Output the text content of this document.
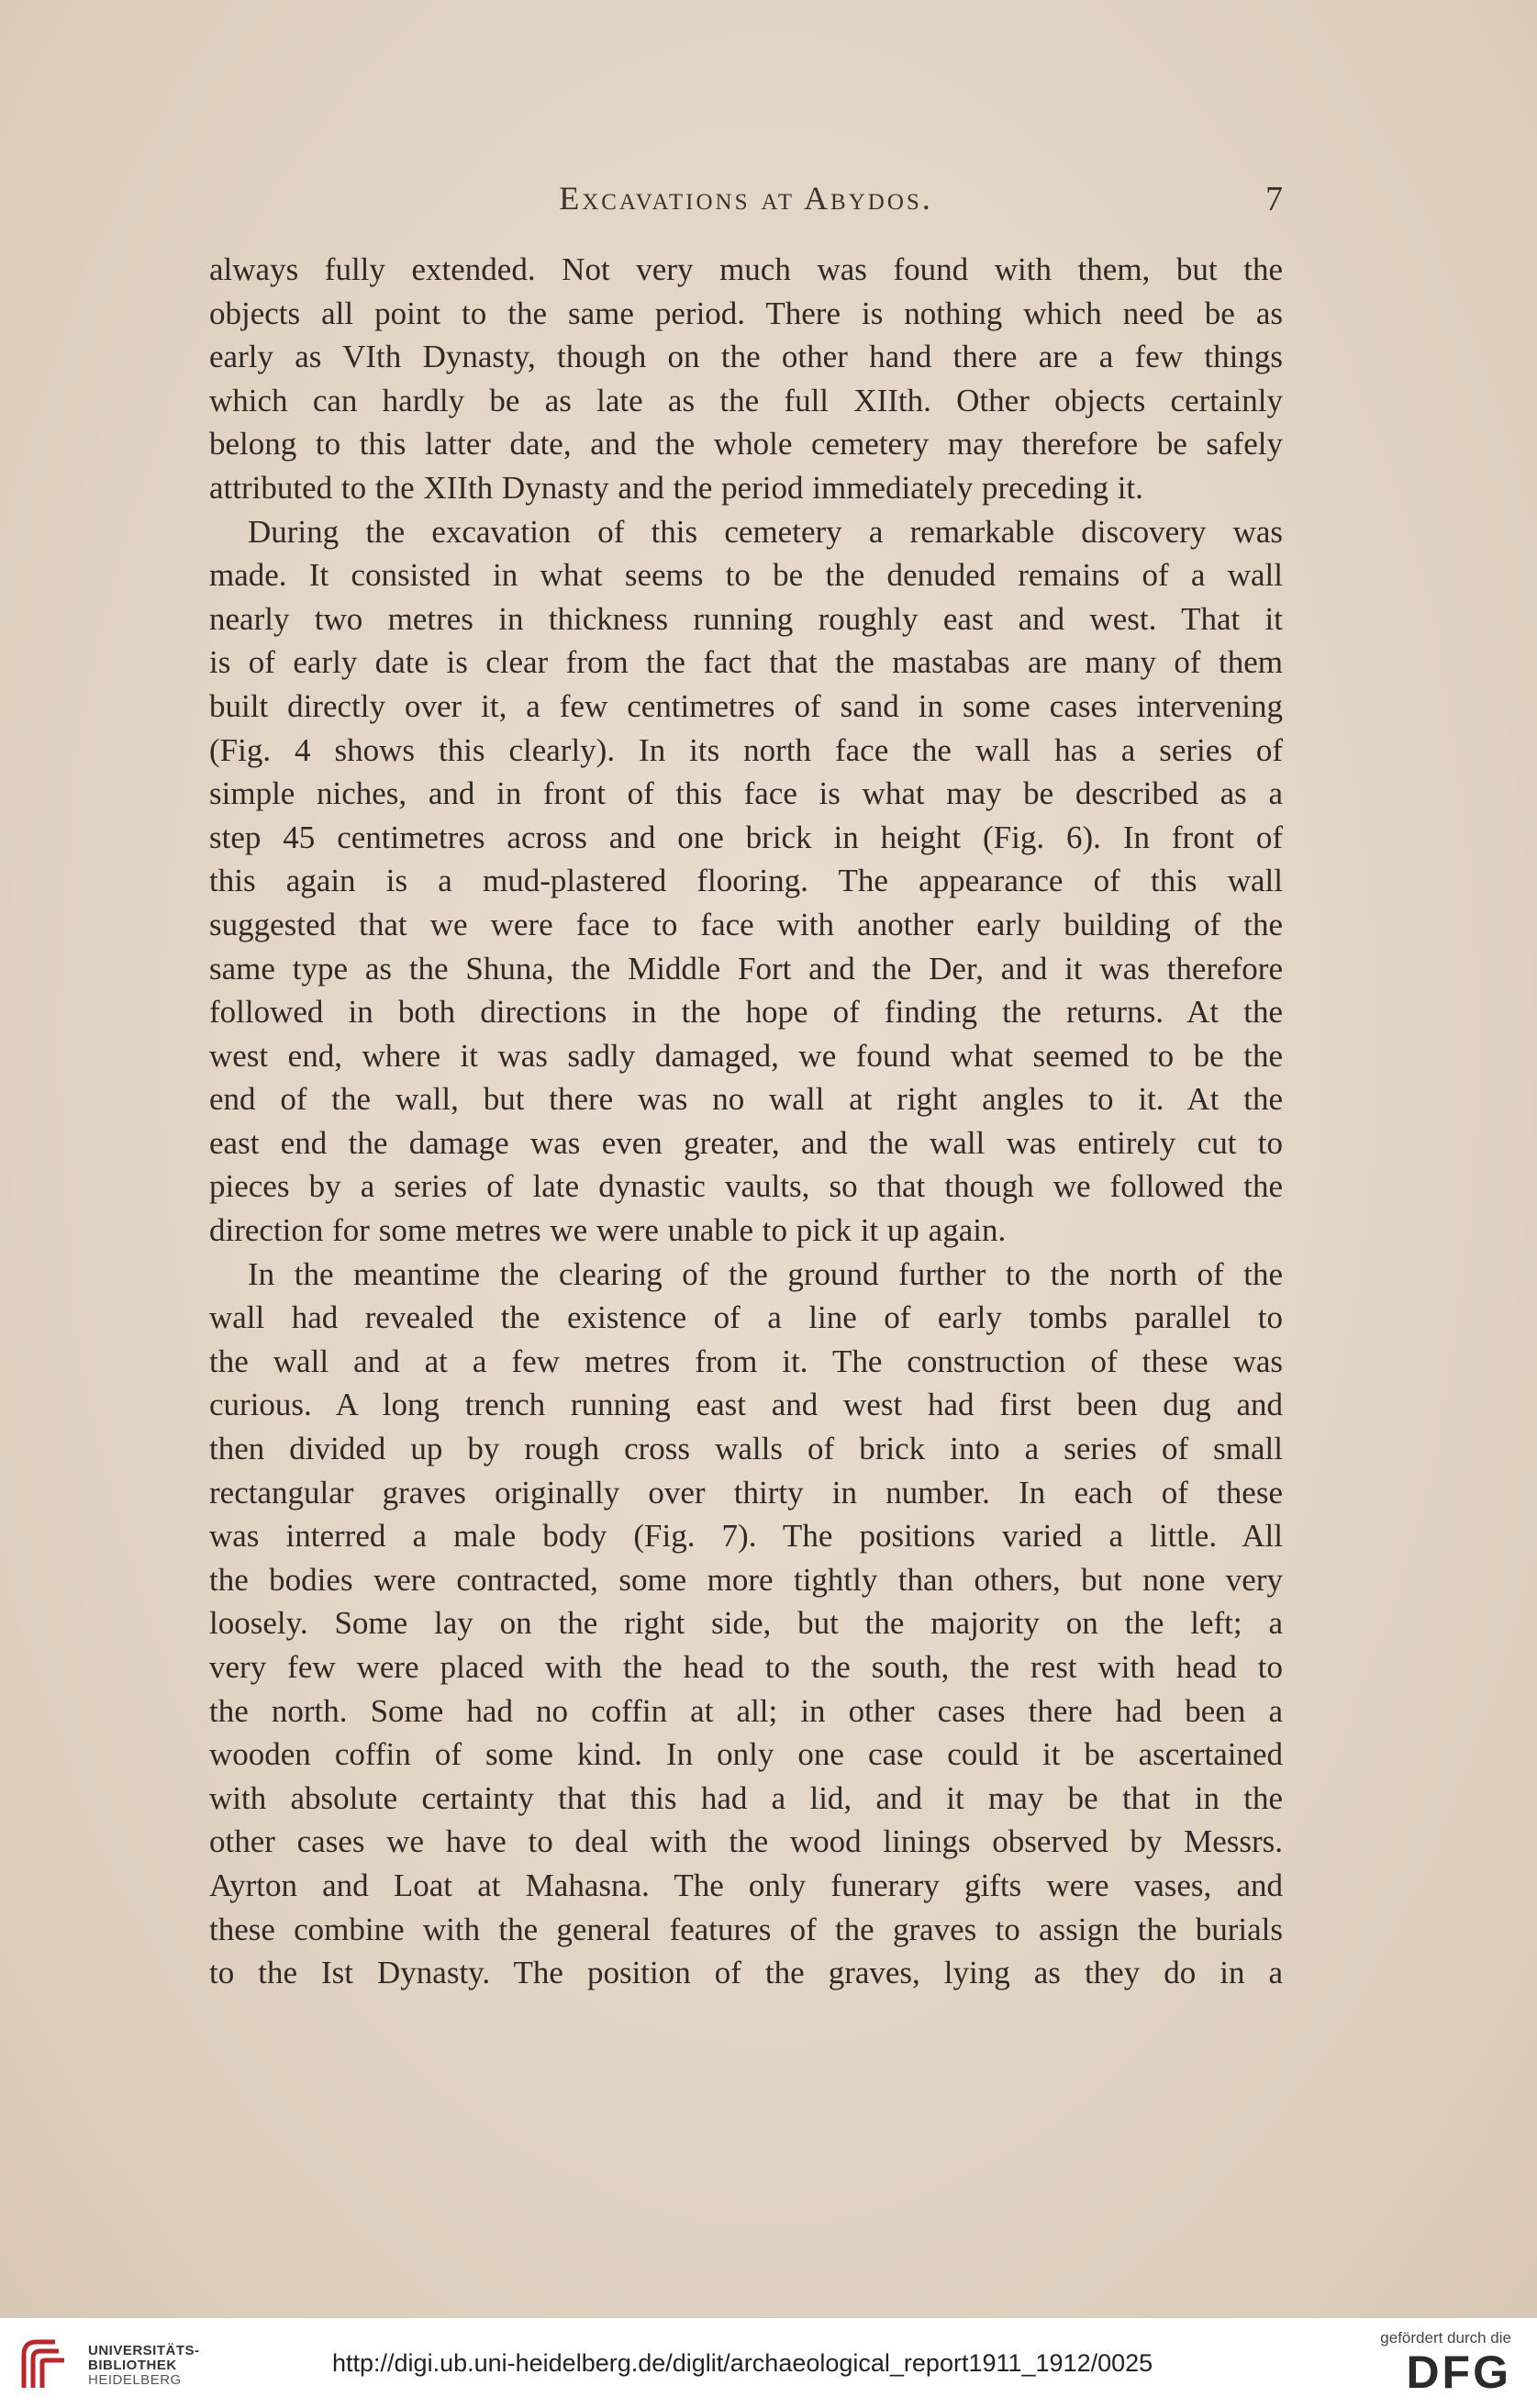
Excavations at Abydos.	7

always fully extended. Not very much was found with them, but the
objects all point to the same period. There is nothing which need be as
early as VIth Dynasty, though on the other hand there are a few things
which can hardly be as late as the full XIIth. Other objects certainly
belong to this latter date, and the whole cemetery may therefore be safely
attributed to the XIIth Dynasty and the period immediately preceding it.

During the excavation of this cemetery a remarkable discovery was
made. It consisted in what seems to be the denuded remains of a wall
nearly two metres in thickness running roughly east and west. That it
is of early date is clear from the fact that the mastabas are many of them
built directly over it, a few centimetres of sand in some cases intervening
(Fig. 4 shows this clearly). In its north face the wall has a series of
simple niches, and in front of this face is what may be described as a
step 45 centimetres across and one brick in height (Fig. 6). In front of
this again is a mud-plastered flooring. The appearance of this wall
suggested that we were face to face with another early building of the
same type as the Shuna, the Middle Fort and the Der, and it was therefore
followed in both directions in the hope of finding the returns. At the
west end, where it was sadly damaged, we found what seemed to be the
end of the wall, but there was no wall at right angles to it. At the
east end the damage was even greater, and the wall was entirely cut to
pieces by a series of late dynastic vaults, so that though we followed the
direction for some metres we were unable to pick it up again.

In the meantime the clearing of the ground further to the north of the
wall had revealed the existence of a line of early tombs parallel to
the wall and at a few metres from it. The construction of these was
curious. A long trench running east and west had first been dug and
then divided up by rough cross walls of brick into a series of small
rectangular graves originally over thirty in number. In each of these
was interred a male body (Fig. 7). The positions varied a little. All
the bodies were contracted, some more tightly than others, but none very
loosely. Some lay on the right side, but the majority on the left; a
very few were placed with the head to the south, the rest with head to
the north. Some had no coffin at all; in other cases there had been a
wooden coffin of some kind. In only one case could it be ascertained
with absolute certainty that this had a lid, and it may be that in the
other cases we have to deal with the wood linings observed by Messrs.
Ayrton and Loat at Mahasna. The only funerary gifts were vases, and
these combine with the general features of the graves to assign the burials
to the Ist Dynasty. The position of the graves, lying as they do in a

UNIVERSITÄTS-
BIBLIOTHEK
HEIDELBERG
http://digi.ub.uni-heidelberg.de/diglit/archaeological_report1911_1912/0025
gefördert durch die
DFG
